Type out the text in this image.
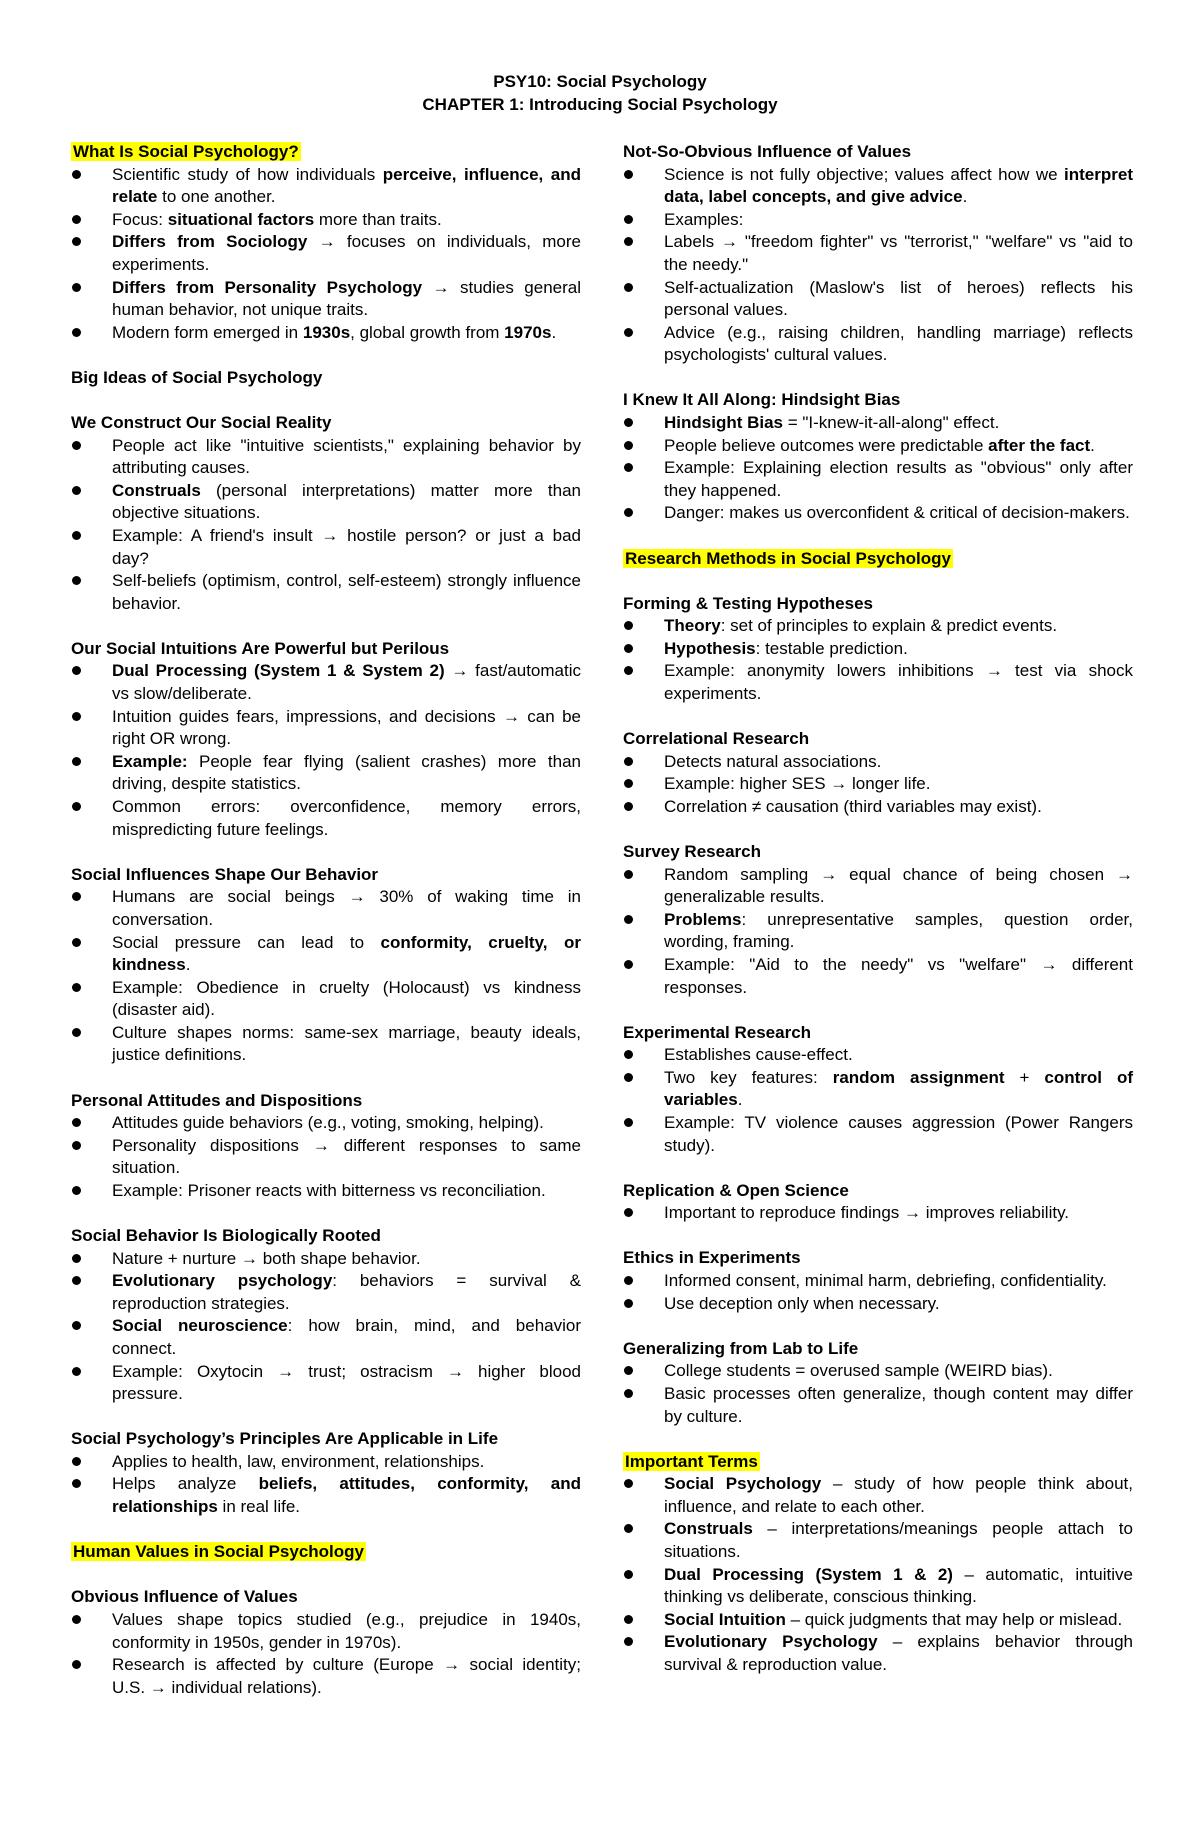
PSY10: Social Psychology
CHAPTER 1: Introducing Social Psychology
What Is Social Psychology?
Scientific study of how individuals perceive, influence, and relate to one another.
Focus: situational factors more than traits.
Differs from Sociology → focuses on individuals, more experiments.
Differs from Personality Psychology → studies general human behavior, not unique traits.
Modern form emerged in 1930s, global growth from 1970s.
Big Ideas of Social Psychology
We Construct Our Social Reality
People act like "intuitive scientists," explaining behavior by attributing causes.
Construals (personal interpretations) matter more than objective situations.
Example: A friend's insult → hostile person? or just a bad day?
Self-beliefs (optimism, control, self-esteem) strongly influence behavior.
Our Social Intuitions Are Powerful but Perilous
Dual Processing (System 1 & System 2) → fast/automatic vs slow/deliberate.
Intuition guides fears, impressions, and decisions → can be right OR wrong.
Example: People fear flying (salient crashes) more than driving, despite statistics.
Common errors: overconfidence, memory errors, mispredicting future feelings.
Social Influences Shape Our Behavior
Humans are social beings → 30% of waking time in conversation.
Social pressure can lead to conformity, cruelty, or kindness.
Example: Obedience in cruelty (Holocaust) vs kindness (disaster aid).
Culture shapes norms: same-sex marriage, beauty ideals, justice definitions.
Personal Attitudes and Dispositions
Attitudes guide behaviors (e.g., voting, smoking, helping).
Personality dispositions → different responses to same situation.
Example: Prisoner reacts with bitterness vs reconciliation.
Social Behavior Is Biologically Rooted
Nature + nurture → both shape behavior.
Evolutionary psychology: behaviors = survival & reproduction strategies.
Social neuroscience: how brain, mind, and behavior connect.
Example: Oxytocin → trust; ostracism → higher blood pressure.
Social Psychology’s Principles Are Applicable in Life
Applies to health, law, environment, relationships.
Helps analyze beliefs, attitudes, conformity, and relationships in real life.
Human Values in Social Psychology
Obvious Influence of Values
Values shape topics studied (e.g., prejudice in 1940s, conformity in 1950s, gender in 1970s).
Research is affected by culture (Europe → social identity; U.S. → individual relations).
Not-So-Obvious Influence of Values
Science is not fully objective; values affect how we interpret data, label concepts, and give advice.
Examples:
Labels → "freedom fighter" vs "terrorist," "welfare" vs "aid to the needy."
Self-actualization (Maslow's list of heroes) reflects his personal values.
Advice (e.g., raising children, handling marriage) reflects psychologists' cultural values.
I Knew It All Along: Hindsight Bias
Hindsight Bias = "I-knew-it-all-along" effect.
People believe outcomes were predictable after the fact.
Example: Explaining election results as "obvious" only after they happened.
Danger: makes us overconfident & critical of decision-makers.
Research Methods in Social Psychology
Forming & Testing Hypotheses
Theory: set of principles to explain & predict events.
Hypothesis: testable prediction.
Example: anonymity lowers inhibitions → test via shock experiments.
Correlational Research
Detects natural associations.
Example: higher SES → longer life.
Correlation ≠ causation (third variables may exist).
Survey Research
Random sampling → equal chance of being chosen → generalizable results.
Problems: unrepresentative samples, question order, wording, framing.
Example: "Aid to the needy" vs "welfare" → different responses.
Experimental Research
Establishes cause-effect.
Two key features: random assignment + control of variables.
Example: TV violence causes aggression (Power Rangers study).
Replication & Open Science
Important to reproduce findings → improves reliability.
Ethics in Experiments
Informed consent, minimal harm, debriefing, confidentiality.
Use deception only when necessary.
Generalizing from Lab to Life
College students = overused sample (WEIRD bias).
Basic processes often generalize, though content may differ by culture.
Important Terms
Social Psychology – study of how people think about, influence, and relate to each other.
Construals – interpretations/meanings people attach to situations.
Dual Processing (System 1 & 2) – automatic, intuitive thinking vs deliberate, conscious thinking.
Social Intuition – quick judgments that may help or mislead.
Evolutionary Psychology – explains behavior through survival & reproduction value.
